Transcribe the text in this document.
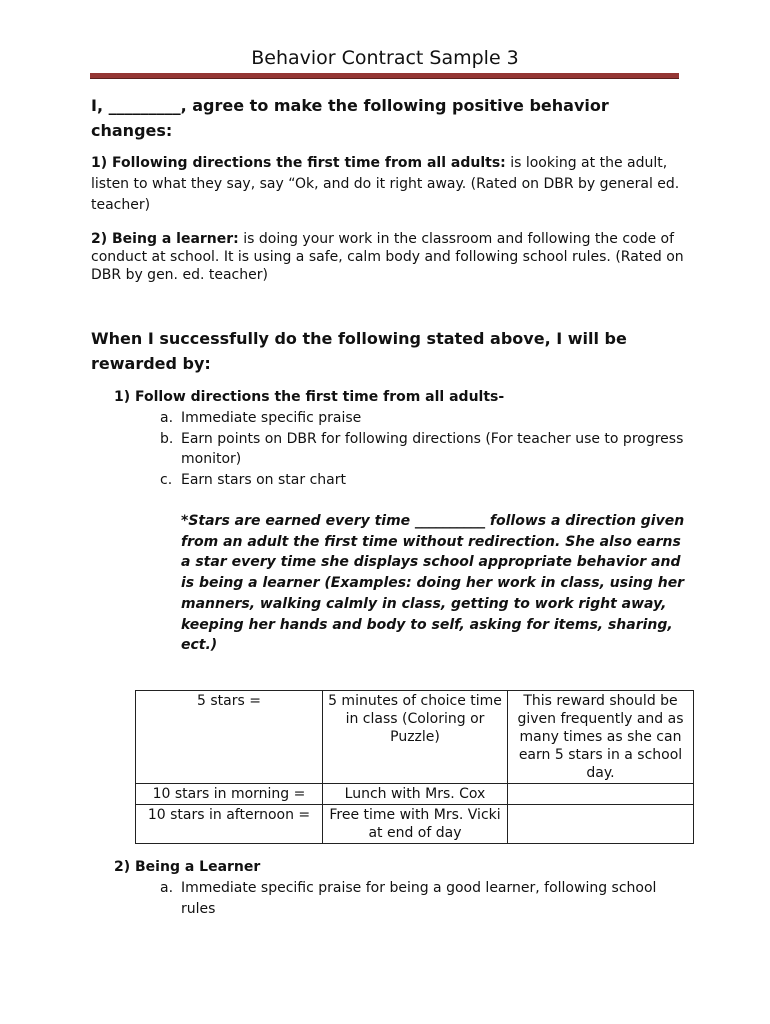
Behavior Contract Sample 3
I, _________, agree to make the following positive behavior changes:
1) Following directions the first time from all adults: is looking at the adult, listen to what they say, say “Ok, and do it right away. (Rated on DBR by general ed. teacher)
2) Being a learner: is doing your work in the classroom and following the code of conduct at school. It is using a safe, calm body and following school rules. (Rated on DBR by gen. ed. teacher)
When I successfully do the following stated above, I will be rewarded by:
1) Follow directions the first time from all adults-
a. Immediate specific praise
b. Earn points on DBR for following directions (For teacher use to progress monitor)
c. Earn stars on star chart
*Stars are earned every time __________ follows a direction given from an adult the first time without redirection. She also earns a star every time she displays school appropriate behavior and is being a learner (Examples: doing her work in class, using her manners, walking calmly in class, getting to work right away, keeping her hands and body to self, asking for items, sharing, ect.)
5 stars =	5 minutes of choice time in class (Coloring or Puzzle)	This reward should be given frequently and as many times as she can earn 5 stars in a school day.
10 stars in morning =	Lunch with Mrs. Cox	
10 stars in afternoon =	Free time with Mrs. Vicki at end of day	
2) Being a Learner
a. Immediate specific praise for being a good learner, following school rules
